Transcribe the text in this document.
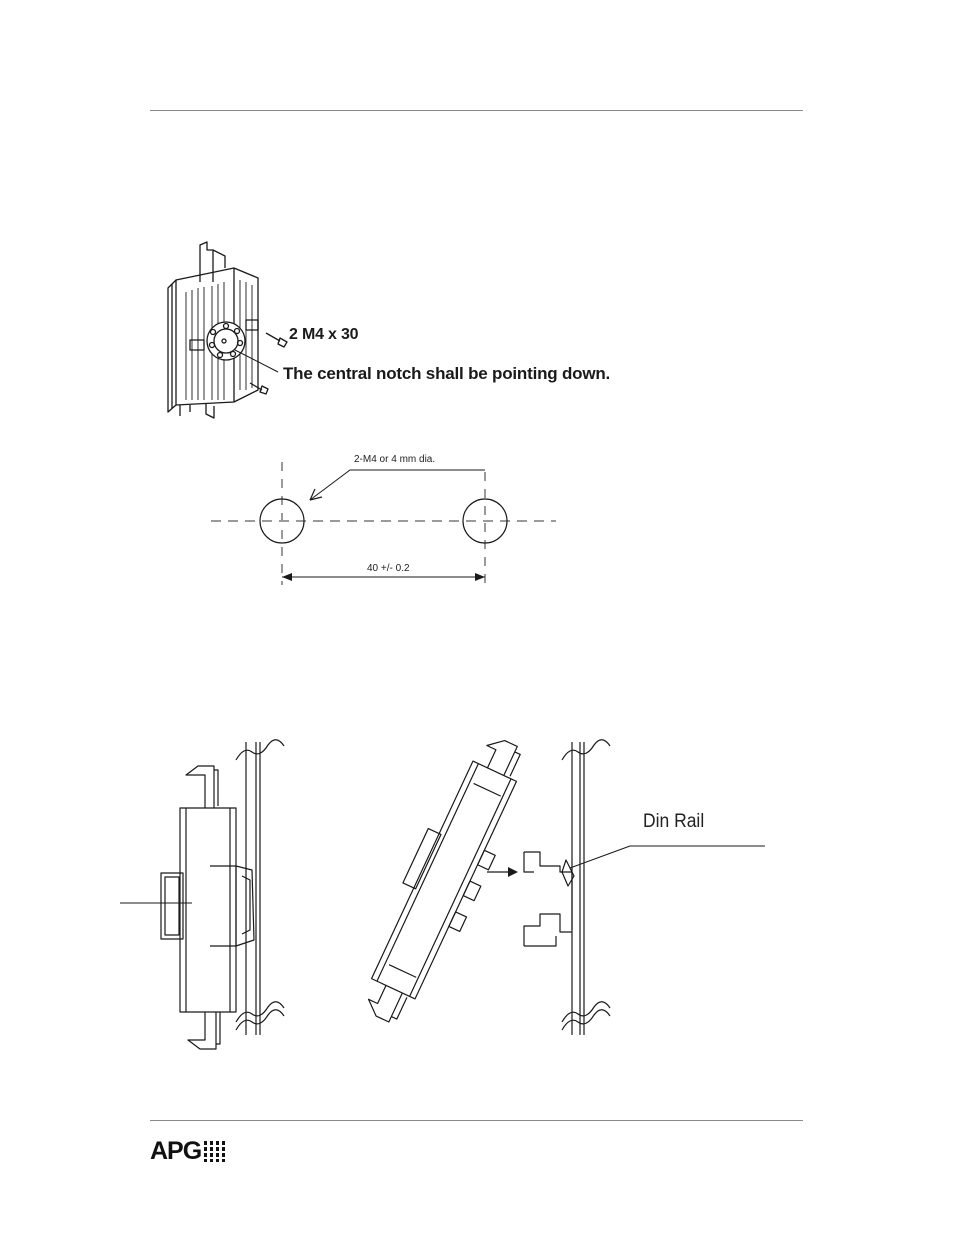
2 M4 x 30
The central notch shall be pointing down.
2-M4 or 4 mm dia.
40 +/- 0.2
Din Rail
APG
